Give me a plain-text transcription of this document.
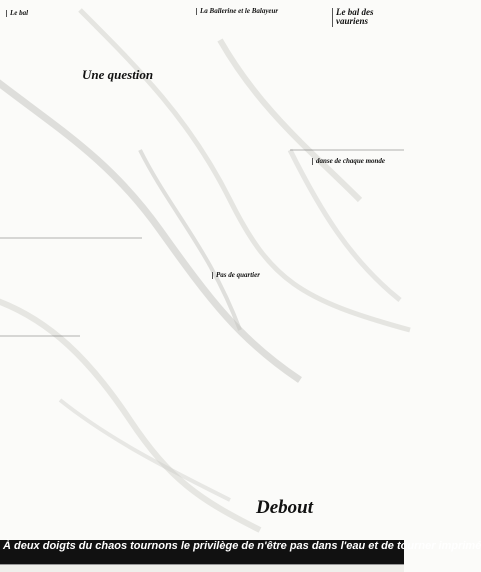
Le bal
Une question
La Ballerine et le Balayeur	Le bal des vauriens
Pas de quartier
danse de chaque monde
Debout
À deux doigts du chaos tournons le privilège de n'être pas dans l'eau et de tourner imprimé
